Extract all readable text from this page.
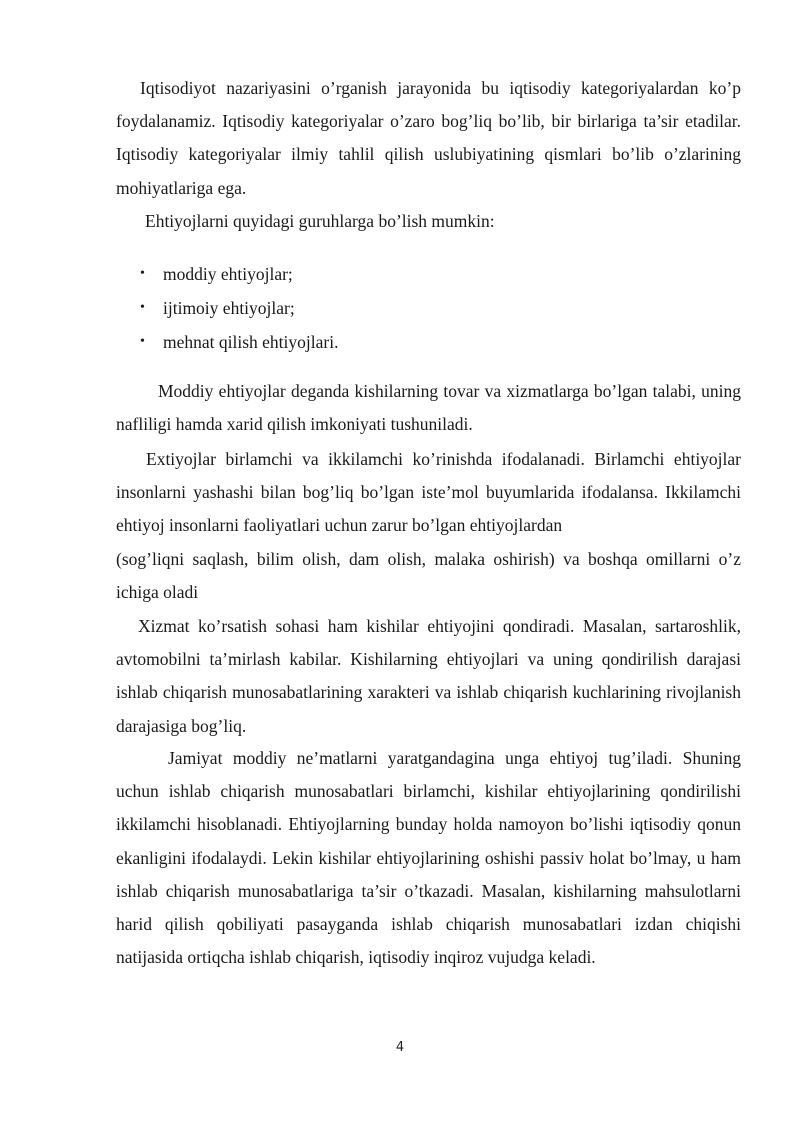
Iqtisodiyot nazariyasini o’rganish jarayonida bu iqtisodiy kategoriyalardan ko’p foydalanamiz. Iqtisodiy kategoriyalar o’zaro bog’liq bo’lib, bir birlariga ta’sir etadilar. Iqtisodiy kategoriyalar ilmiy tahlil qilish uslubiyatining qismlari bo’lib o’zlarining mohiyatlariga ega.

Ehtiyojlarni quyidagi guruhlarga bo’lish mumkin:

• moddiy ehtiyojlar;
• ijtimoiy ehtiyojlar;
• mehnat qilish ehtiyojlari.

Moddiy ehtiyojlar deganda kishilarning tovar va xizmatlarga bo’lgan talabi, uning nafliligi hamda xarid qilish imkoniyati tushuniladi.

Extiyojlar birlamchi va ikkilamchi ko’rinishda ifodalanadi. Birlamchi ehtiyojlar insonlarni yashashi bilan bog’liq bo’lgan iste’mol buyumlarida ifodalansa. Ikkilamchi ehtiyoj insonlarni faoliyatlari uchun zarur bo’lgan ehtiyojlardan

(sog’liqni saqlash, bilim olish, dam olish, malaka oshirish) va boshqa omillarni o’z ichiga oladi

Xizmat ko’rsatish sohasi ham kishilar ehtiyojini qondiradi. Masalan, sartaroshlik, avtomobilni ta’mirlash kabilar. Kishilarning ehtiyojlari va uning qondirilish darajasi ishlab chiqarish munosabatlarining xarakteri va ishlab chiqarish kuchlarining rivojlanish darajasiga bog’liq.

Jamiyat moddiy ne’matlarni yaratgandagina unga ehtiyoj tug’iladi. Shuning uchun ishlab chiqarish munosabatlari birlamchi, kishilar ehtiyojlarining qondirilishi ikkilamchi hisoblanadi. Ehtiyojlarning bunday holda namoyon bo’lishi iqtisodiy qonun ekanligini ifodalaydi. Lekin kishilar ehtiyojlarining oshishi passiv holat bo’lmay, u ham ishlab chiqarish munosabatlariga ta’sir o’tkazadi. Masalan, kishilarning mahsulotlarni harid qilish qobiliyati pasayganda ishlab chiqarish munosabatlari izdan chiqishi natijasida ortiqcha ishlab chiqarish, iqtisodiy inqiroz vujudga keladi.

4
